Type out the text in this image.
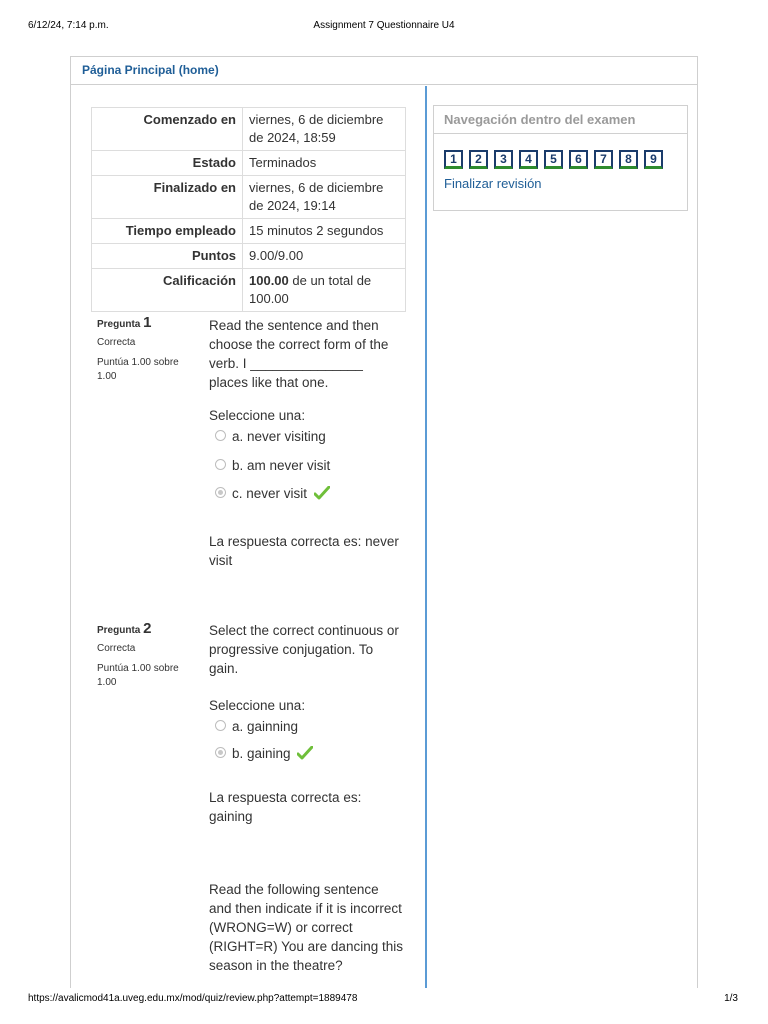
6/12/24, 7:14 p.m.	Assignment 7 Questionnaire U4
Página Principal (home)
Comenzado en	viernes, 6 de diciembre de 2024, 18:59
Estado	Terminados
Finalizado en	viernes, 6 de diciembre de 2024, 19:14
Tiempo empleado	15 minutos 2 segundos
Puntos	9.00/9.00
Calificación	100.00 de un total de 100.00
Navegación dentro del examen
1	2	3	4	5	6	7	8	9
Finalizar revisión
Pregunta 1
Correcta
Puntúa 1.00 sobre 1.00

Read the sentence and then choose the correct form of the verb. I _______________ places like that one.

Seleccione una:
a. never visiting
b. am never visit
c. never visit
La respuesta correcta es: never visit
Pregunta 2
Correcta
Puntúa 1.00 sobre 1.00

Select the correct continuous or progressive conjugation. To gain.

Seleccione una:
a. gainning
b. gaining
La respuesta correcta es: gaining

Read the following sentence and then indicate if it is incorrect (WRONG=W) or correct (RIGHT=R) You are dancing this season in the theatre?

https://avalicmod41a.uveg.edu.mx/mod/quiz/review.php?attempt=1889478	1/3
